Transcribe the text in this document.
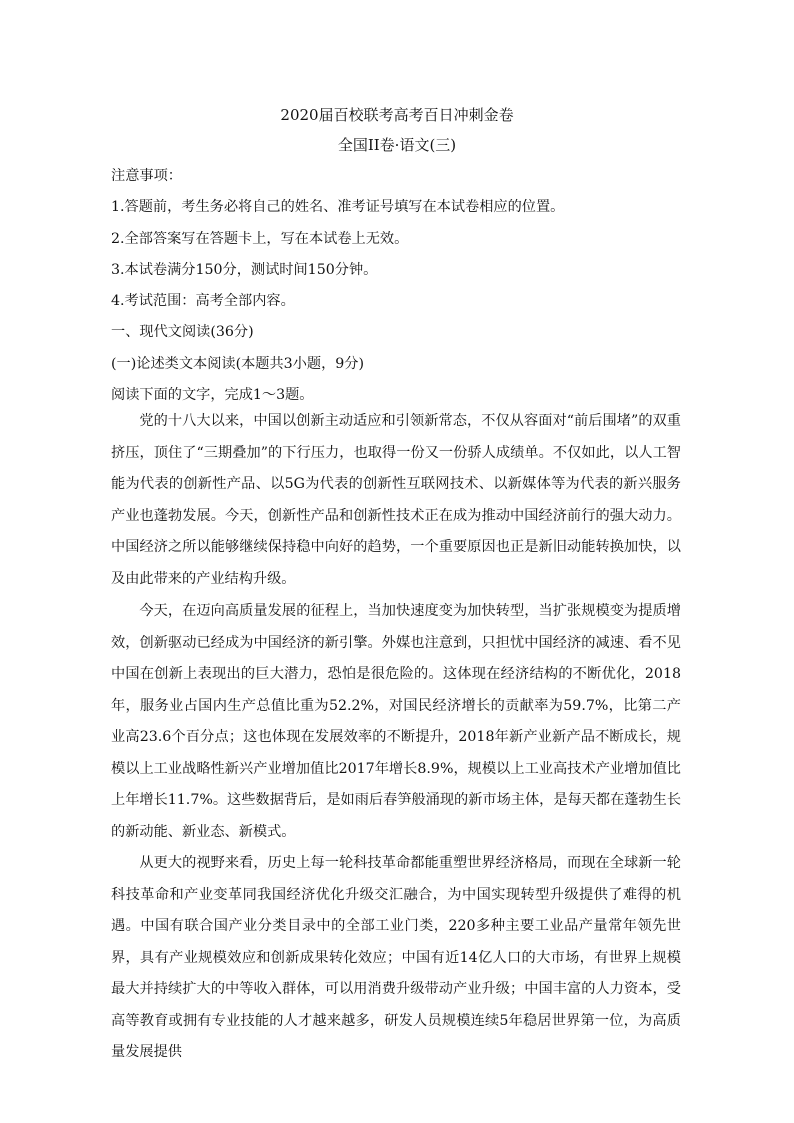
2020届百校联考高考百日冲刺金卷
全国II卷·语文(三)
注意事项：
1.答题前，考生务必将自己的姓名、准考证号填写在本试卷相应的位置。
2.全部答案写在答题卡上，写在本试卷上无效。
3.本试卷满分150分，测试时间150分钟。
4.考试范围：高考全部内容。
一、现代文阅读(36分)
(一)论述类文本阅读(本题共3小题，9分)
阅读下面的文字，完成1～3题。
党的十八大以来，中国以创新主动适应和引领新常态，不仅从容面对“前后围堵”的双重挤压，顶住了“三期叠加”的下行压力，也取得一份又一份骄人成绩单。不仅如此，以人工智能为代表的创新性产品、以5G为代表的创新性互联网技术、以新媒体等为代表的新兴服务产业也蓬勃发展。今天，创新性产品和创新性技术正在成为推动中国经济前行的强大动力。中国经济之所以能够继续保持稳中向好的趋势，一个重要原因也正是新旧动能转换加快，以及由此带来的产业结构升级。
今天，在迈向高质量发展的征程上，当加快速度变为加快转型，当扩张规模变为提质增效，创新驱动已经成为中国经济的新引擎。外媒也注意到，只担忧中国经济的减速、看不见中国在创新上表现出的巨大潜力，恐怕是很危险的。这体现在经济结构的不断优化，2018年，服务业占国内生产总值比重为52.2%，对国民经济增长的贡献率为59.7%，比第二产业高23.6个百分点；这也体现在发展效率的不断提升，2018年新产业新产品不断成长，规模以上工业战略性新兴产业增加值比2017年增长8.9%，规模以上工业高技术产业增加值比上年增长11.7%。这些数据背后，是如雨后春笋般涌现的新市场主体，是每天都在蓬勃生长的新动能、新业态、新模式。
从更大的视野来看，历史上每一轮科技革命都能重塑世界经济格局，而现在全球新一轮科技革命和产业变革同我国经济优化升级交汇融合，为中国实现转型升级提供了难得的机遇。中国有联合国产业分类目录中的全部工业门类，220多种主要工业品产量常年领先世界，具有产业规模效应和创新成果转化效应；中国有近14亿人口的大市场，有世界上规模最大并持续扩大的中等收入群体，可以用消费升级带动产业升级；中国丰富的人力资本，受高等教育或拥有专业技能的人才越来越多，研发人员规模连续5年稳居世界第一位，为高质量发展提供
